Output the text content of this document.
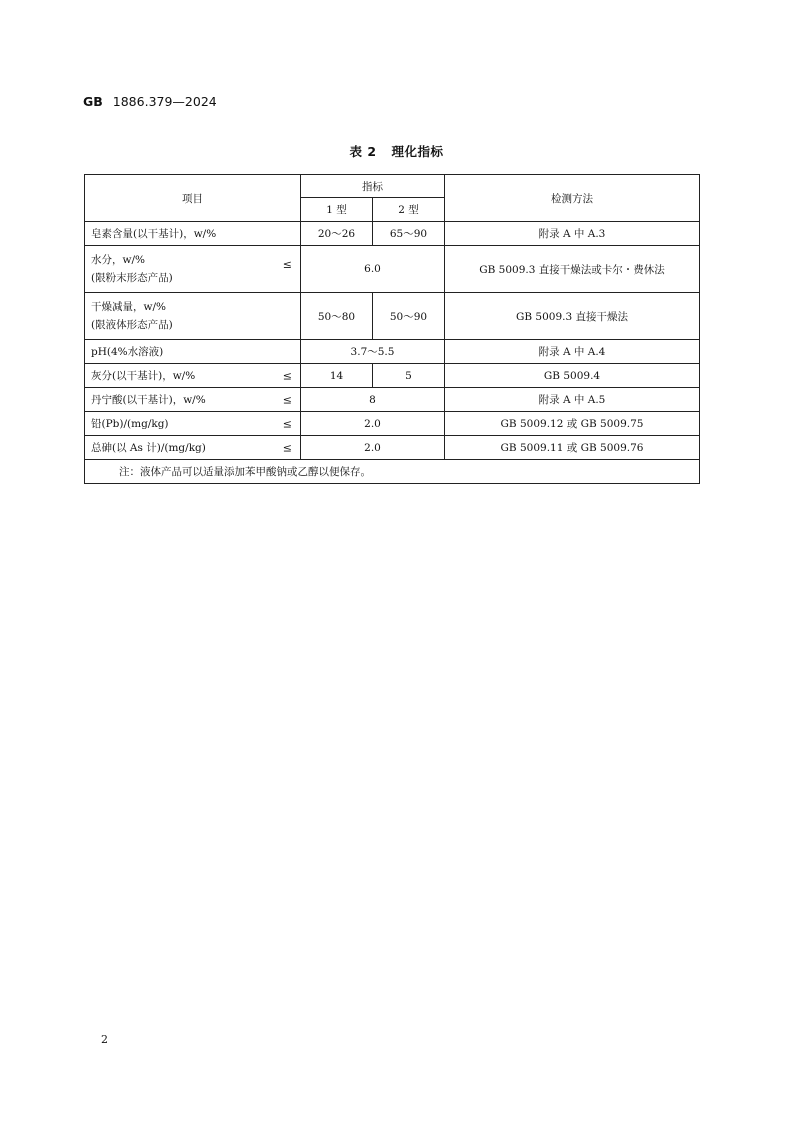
GB 1886.379—2024
表 2 理化指标
项目	指标		检测方法
	1 型	2 型	
皂素含量(以干基计)，w/%	20～26	65～90	附录 A 中 A.3

水分，w/%
(限粉末形态产品)
≤	6.0		GB 5009.3 直接干燥法或卡尔・费休法

干燥减量，w/%
(限液体形态产品)	50～80	50～90	GB 5009.3 直接干燥法
pH(4%水溶液)	3.7～5.5		附录 A 中 A.4
灰分(以干基计)，w/% ≤	14	5	GB 5009.4
丹宁酸(以干基计)，w/% ≤	8		附录 A 中 A.5
铅(Pb)/(mg/kg) ≤	2.0		GB 5009.12 或 GB 5009.75
总砷(以 As 计)/(mg/kg) ≤	2.0		GB 5009.11 或 GB 5009.76
注：液体产品可以适量添加苯甲酸钠或乙醇以便保存。			
2
